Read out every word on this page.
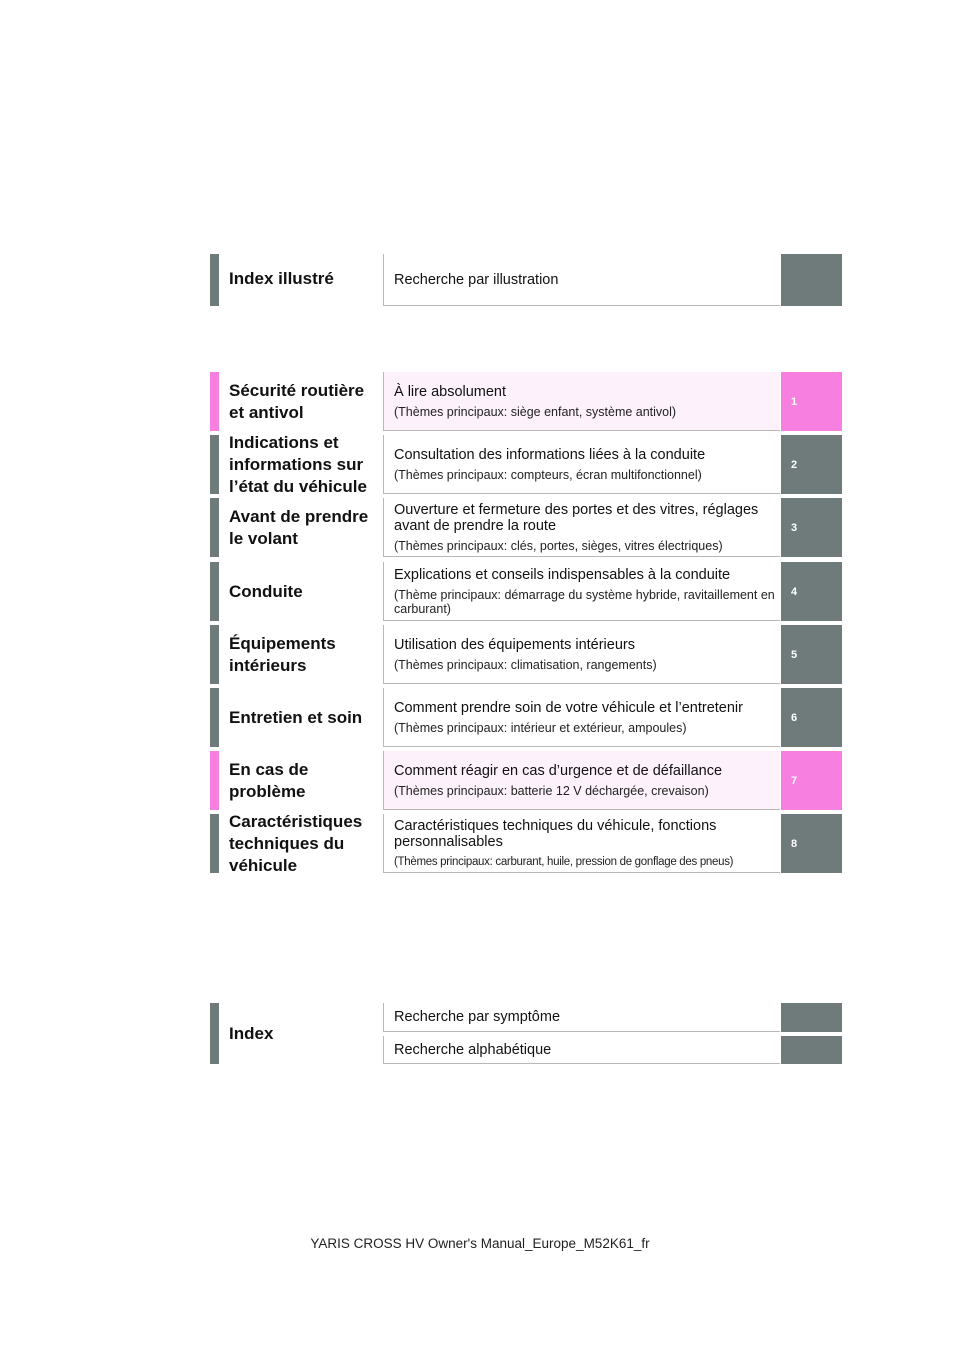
Index illustré	Recherche par illustration
Sécurité routière et antivol
À lire absolument
(Thèmes principaux: siège enfant, système antivol)
1
Indications et informations sur l’état du véhicule
Consultation des informations liées à la conduite
(Thèmes principaux: compteurs, écran multifonctionnel)
2
Avant de prendre le volant
Ouverture et fermeture des portes et des vitres, réglages avant de prendre la route
(Thèmes principaux: clés, portes, sièges, vitres électriques)
3
Conduite
Explications et conseils indispensables à la conduite
(Thème principaux: démarrage du système hybride, ravitaillement en carburant)
4
Équipements intérieurs
Utilisation des équipements intérieurs
(Thèmes principaux: climatisation, rangements)
5
Entretien et soin	Comment prendre soin de votre véhicule et l’entretenir
(Thèmes principaux: intérieur et extérieur, ampoules)
6
En cas de problème
Comment réagir en cas d’urgence et de défaillance
(Thèmes principaux: batterie 12 V déchargée, crevaison)
7
Caractéristiques techniques du véhicule
Caractéristiques techniques du véhicule, fonctions personnalisables
(Thèmes principaux: carburant, huile, pression de gonflage des pneus)
8
Index
Recherche par symptôme
Recherche alphabétique
YARIS CROSS HV Owner's Manual_Europe_M52K61_fr
